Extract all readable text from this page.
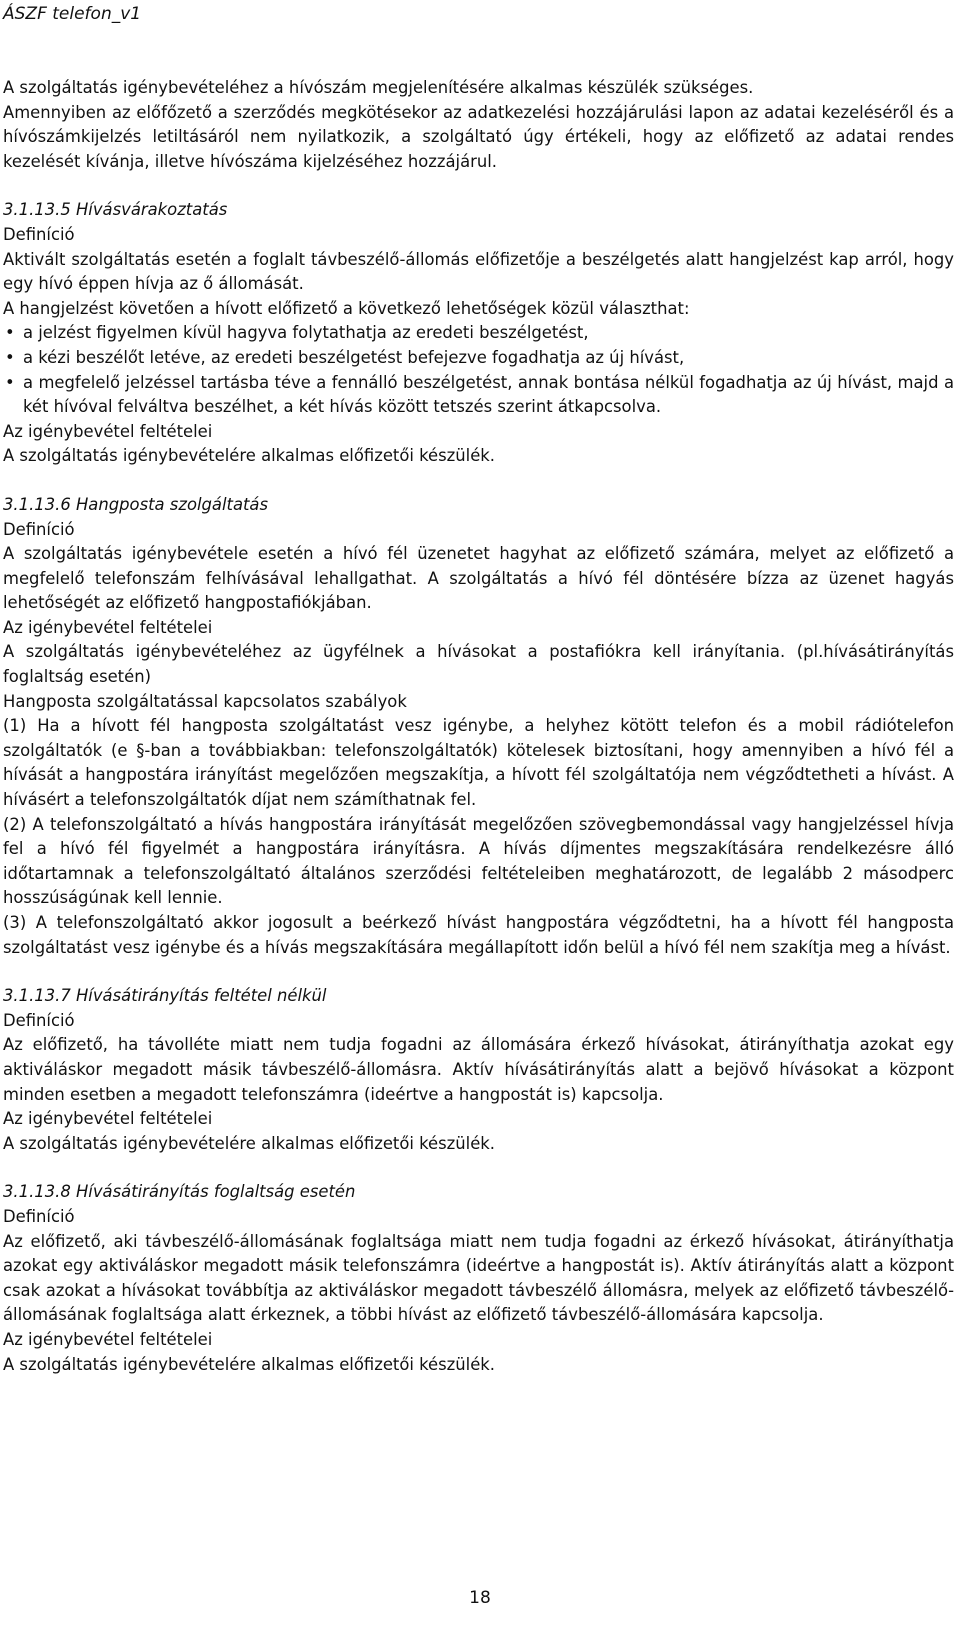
ÁSZF telefon_v1

A szolgáltatás igénybevételéhez a hívószám megjelenítésére alkalmas készülék szükséges.

Amennyiben az előfőzető a szerződés megkötésekor az adatkezelési hozzájárulási lapon az adatai kezeléséről és a hívószámkijelzés letiltásáról nem nyilatkozik, a szolgáltató úgy értékeli, hogy az előfizető az adatai rendes kezelését kívánja, illetve hívószáma kijelzéséhez hozzájárul.

3.1.13.5 Hívásvárakoztatás

Definíció

Aktivált szolgáltatás esetén a foglalt távbeszélő-állomás előfizetője a beszélgetés alatt hangjelzést kap arról, hogy egy hívó éppen hívja az ő állomását.

A hangjelzést követően a hívott előfizető a következő lehetőségek közül választhat:

• a jelzést figyelmen kívül hagyva folytathatja az eredeti beszélgetést,
• a kézi beszélőt letéve, az eredeti beszélgetést befejezve fogadhatja az új hívást,
• a megfelelő jelzéssel tartásba téve a fennálló beszélgetést, annak bontása nélkül fogadhatja az új hívást, majd a két hívóval felváltva beszélhet, a két hívás között tetszés szerint átkapcsolva.

Az igénybevétel feltételei

A szolgáltatás igénybevételére alkalmas előfizetői készülék.

3.1.13.6 Hangposta szolgáltatás

Definíció

A szolgáltatás igénybevétele esetén a hívó fél üzenetet hagyhat az előfizető számára, melyet az előfizető a megfelelő telefonszám felhívásával lehallgathat. A szolgáltatás a hívó fél döntésére bízza az üzenet hagyás lehetőségét az előfizető hangpostafiókjában.

Az igénybevétel feltételei

A szolgáltatás igénybevételéhez az ügyfélnek a hívásokat a postafiókra kell irányítania. (pl.hívásátirányítás foglaltság esetén)

Hangposta szolgáltatással kapcsolatos szabályok

(1) Ha a hívott fél hangposta szolgáltatást vesz igénybe, a helyhez kötött telefon és a mobil rádiótelefon szolgáltatók (e §-ban a továbbiakban: telefonszolgáltatók) kötelesek biztosítani, hogy amennyiben a hívó fél a hívását a hangpostára irányítást megelőzően megszakítja, a hívott fél szolgáltatója nem végződtetheti a hívást. A hívásért a telefonszolgáltatók díjat nem számíthatnak fel.

(2) A telefonszolgáltató a hívás hangpostára irányítását megelőzően szövegbemondással vagy hangjelzéssel hívja fel a hívó fél figyelmét a hangpostára irányításra. A hívás díjmentes megszakítására rendelkezésre álló időtartamnak a telefonszolgáltató általános szerződési feltételeiben meghatározott, de legalább 2 másodperc hosszúságúnak kell lennie.

(3) A telefonszolgáltató akkor jogosult a beérkező hívást hangpostára végződtetni, ha a hívott fél hangposta szolgáltatást vesz igénybe és a hívás megszakítására megállapított időn belül a hívó fél nem szakítja meg a hívást.

3.1.13.7 Hívásátirányítás feltétel nélkül

Definíció

Az előfizető, ha távolléte miatt nem tudja fogadni az állomására érkező hívásokat, átirányíthatja azokat egy aktiváláskor megadott másik távbeszélő-állomásra. Aktív hívásátirányítás alatt a bejövő hívásokat a központ minden esetben a megadott telefonszámra (ideértve a hangpostát is) kapcsolja.

Az igénybevétel feltételei

A szolgáltatás igénybevételére alkalmas előfizetői készülék.

3.1.13.8 Hívásátirányítás foglaltság esetén

Definíció

Az előfizető, aki távbeszélő-állomásának foglaltsága miatt nem tudja fogadni az érkező hívásokat, átirányíthatja azokat egy aktiváláskor megadott másik telefonszámra (ideértve a hangpostát is). Aktív átirányítás alatt a központ csak azokat a hívásokat továbbítja az aktiváláskor megadott távbeszélő állomásra, melyek az előfizető távbeszélő-állomásának foglaltsága alatt érkeznek, a többi hívást az előfizető távbeszélő-állomására kapcsolja.

Az igénybevétel feltételei

A szolgáltatás igénybevételére alkalmas előfizetői készülék.

18
